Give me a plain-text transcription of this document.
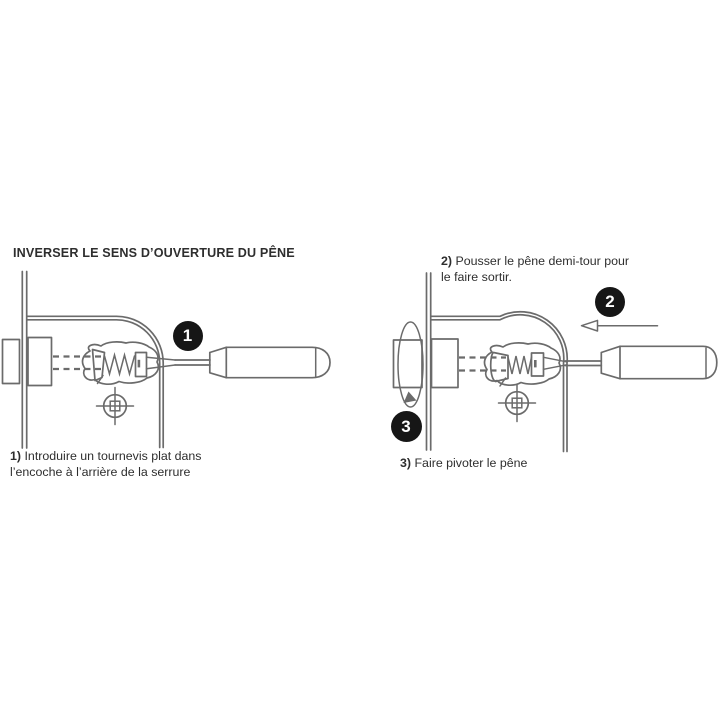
INVERSER LE SENS D’OUVERTURE DU PÊNE
1) Introduire un tournevis plat dans
l’encoche à l’arrière de la serrure
2) Pousser le pêne demi-tour pour
le faire sortir.
3) Faire pivoter le pêne
1
2
3
